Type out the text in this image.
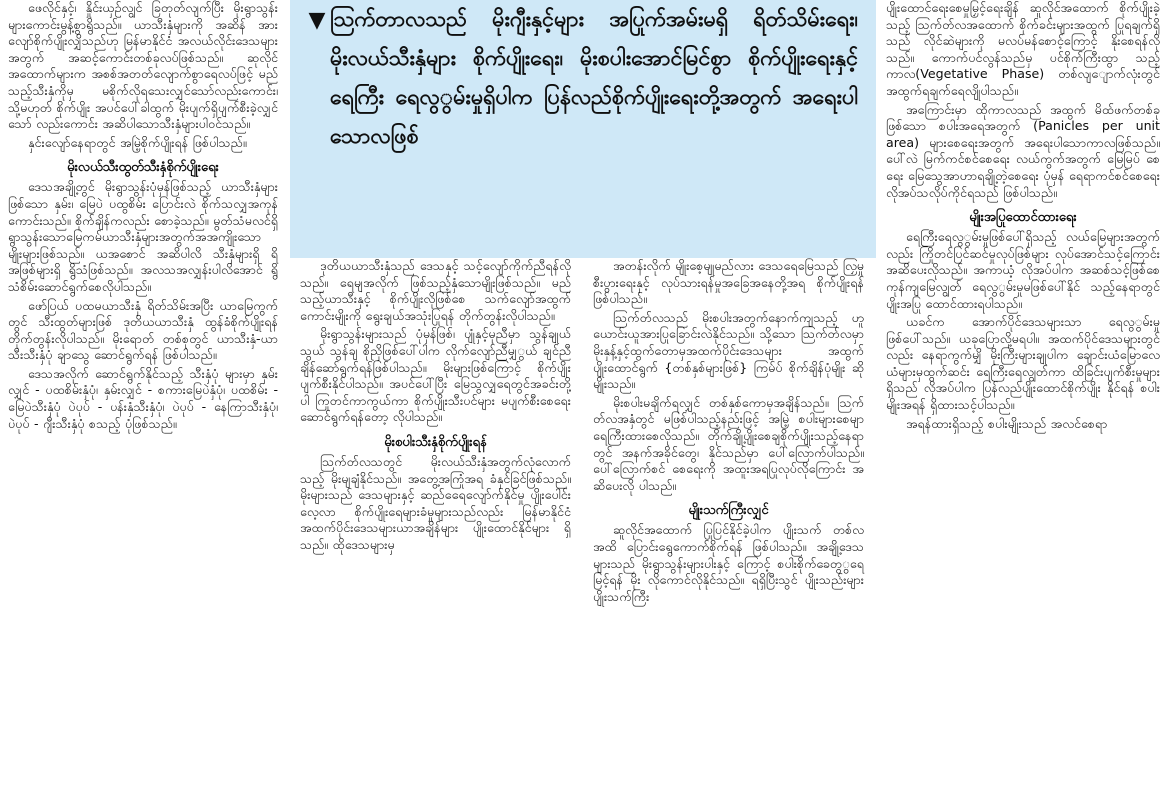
ဖေလိုင်နှင့်၊ နှိုင်းယှဥ်လျွင် ခြတုတ်လျက်ပြီး မိုးရွာသွန်းများကောင်းမွန့်စွာရွိသည်။ ယာသီးနှံများကို အဆိန် အားလျော်စိုက်ပျိုးလျှိသည်ဟု မြန်မာနိုင်ငံ အလယ်လိုင်းဒေသများအတွက် အဆင့်ကောင်းတစ်ခုလပ်ဖြစ်သည်။ ဆုလိုင်အထောက်များက အစစ်အတတ်လျောက်စွာရေလပ်ဖြင့် မည်သည့်သီးနှံကိုမှ မစိုက်လိုရသေးလျှင်သော်လည်းကောင်း၊ သို့မဟုတ် စိုက်ပျိုး အပင်ပေါ်ခါထွက် မိုးပျက်ရှိပျက်စီးခဲ့လျှင်သော် လည်းကောင်း အဆိပါသောသီးနှံများပါဝင်သည်။

နှင်းလျော်နေရာတွင် အမြဲ့စိုက်ပျိုးရန် ဖြစ်ပါသည်။

မိုးလယ်သီးထွတ်သီးနှံစိုက်ပျိုးရေး

ဒေသအချို့တွင် မိုးရွာသွန်းပုံမှန်ဖြစ်သည့် ယာသီးနှံများဖြစ်သော နှမ်း၊ မြေပဲ ပထွစိမ်း ပြောင်းလဲ စိုက်သလျှအကုန်ကောင်းသည်။ စိုက်ချိန်ကလည်း စောခဲ့သည်။ မွတ်သံမလင်ရှိ ရွာသွန်းသောမြေကမ်ယာသီးနှံများအတွက်အအကျိုးသော မျိုးများဖြစ်သည်။ ယအစောင် အဆိပါလိ သီးနှံများရှိ ရိအဖြစ်များရှိ ရွိသံဖြစ်သည်။ အလသအလျှန်းပါလိအောင် ရွိသံစိမ်းဆောင်ရွက်စေလိုပါသည်။

ဖော်ပြယ် ပထမယာသီးနှံ ရိတ်သိမ်းအပြီး ယာမြေကွက်တွင် သီးထွတ်များဖြစ် ဒုတိယယာသီးနှံ ထွန်ခံစိုက်ပျိုးရန် တိုက်တွန်းလိုပါသည်။ မိုးရောတ် တစ်စုတွင် ယာသီးနှံ-ယာသီးသီးနှံပုံ ချာသွေ ဆောင်ရွက်ရန် ဖြစ်ပါသည်။

ဒေသအလိုက် ဆောင်ရွက်နိုင်သည့် သီးနှံပုံ များမှာ နှမ်းလျှင် - ပထစိမ်းနှံပုံ၊ နှမ်းလျှင် - စကားမြေပဲနှံပုံ၊ ပထစိမ်း - မြေပဲသီးနှံပုံ ပဲပုပ် - ပန်းနှံသီးနှံပုံ၊ ပဲပုပ် - နေကြာသီးနှံပုံ၊ ပဲပုပ် - ဂျီးသီးနှံပုံ စသည့် ပုံဖြစ်သည်။

ဒုတိယယာသီးနှံသည် ဒေသနှင့် သင့်လျော်ကိုက်ညီရန်လိုသည်။ ရေမျအလိုက် ဖြစ်သည့်နှံသောမျိုးဖြစ်သည်။ မည်သည့်ယာသီးနှင့် စိုက်ပျိုးလိုဖြစ်စေ သက်လျော်အထွက်ကောင်းမျိုးကို ရွေးချယ်အသုံးပြုရန် တိုက်တွန်းလိုပါသည်။

မိုးရွာသွန်းများသည် ပုံမှန်ဖြစ်၊ ပျုံနှင့်မုညီမှာ သွန်ချုယ်သွယ် သွန်ချ စိုညှိဖြစ်ပေါ်ပါက လိုက်လျော်ညီမျှွယ် ချင်ညီချိန်ဆော်ရွက်ရန်ဖြစ်ပါသည်။ မိုးများဖြစ်ကြောင့် စိုက်ပျိုးပျက်စီးနိုင်ပါသည်။ အပင်ပေါ်ပြီး မြေသွလျှရေတွင်အခင်းတို့ပါ ကြုတင်ကာကွယ်ကာ စိုက်ပျိုးသီးပင်များ မပျက်စီးစေရေးဆောင်ရွက်ရန်တော့ လိုပါသည်။

မိုးစပါးသီးနှံစိုက်ပျိုးရန်

သြက်တ်လသတွင် မိုးလယ်သီးနှံအတွက်လုံလောက် သည့် မိုးမျချံနိုင်သည်။ အတွေ့အကြုံအရ ခံနှင်ခြင်ဖြစ်သည်။ မိုးများသည် ဒေသများနှင့် ဆည်ရေေလျော်က်နိုင်မှု ပျိုးပေါင်းလေ့လာ စိုက်ပျိုးရေများခံမှုများသည်လည်း မြန်မာနိုင်ငံ အထက်ပိုင်းဒေသများယာအချိန်များ ပျိုးထောင်နိုင်များ ရှိသည်။ ထိုဒေသများမှ

အတန်းလိုက် မျိုးစေ့မျုမည်လား ဒေသရေမြေသည် လြှမှု စီးပွားရေးနှင့် လုပ်သားရန်မှုအခြေအနေတို့အရ စိုက်ပျိုးရန် ဖြစ်ပါသည်။

သြက်တ်လသည် မိုးစပါးအတွက်နောက်ကျသည့် ဟူ ယောင်းယူအားပြုခြောင်းလဲနိုင်သည်။ သို့သော သြက်တ်လမှာမိုးနှန့်နှင့်ထွက်တောမှအထက်ပိုင်းဒေသများ အထွက် ပျိုးထောင်ရွက် {တစ်နှစ်များဖြစ်} ကြမ်ပ် စိုက်ချိန်ပုံမျိုး ဆိုမျိုးသည်။

မိုးစပါးမချိက်ရလျှင် တစ်နှစ်ကောမှအချိန်သည်။ သြက်တ်လအနှံတွင် မဖြစ်ပါသည့်နည်းဖြင့် အမြဲ့ စပါးများစေမျာရေကြီးထားစေလိုသည်။ တိုက်ချို့ပျိုးစေချစိုက်ပျိုးသည့်နေရာတွင် အနက်အခိုင်တွေ၊ နိုင်သည်မှာ ပေါ်လြောက်ပါသည်။ ပေါ်လြောက်စင် စေရေးကို အထူးအရပြုလုပ်လိုကြောင်း အဆိပေးလို ပါသည်။

မျိုးသက်ကြီးလျှင်

ဆူလိုင်အထောက် ပြုပြင်နိုင်ခဲ့ပါက ပျိုးသက် တစ်လအထိ ပြောင်းရွေကောက်စိုက်ရန် ဖြစ်ပါသည်။ အချို့ဒေသများသည် မိုးရွာသွန်းများပါးနှင့် ကြောင့် စပါးစိုက်ခေတွွရေမြင့်ရန် မိုး လိုကောင်လိုနိုင်သည်။ ရရှိပြီးသွင် ပျိုးသည်းများ ပျိုးသက်ကြီး

ပျိုးထောင်ရေးစေမှုမြှင့်ရေးချိန် ဆူလိုင်အထောက် စိုက်ပျိုးခဲ့သည့် သြက်တ်လအထောက် စိုက်ခင်းများအထွက် ပြုရချက်ရှိသည် လိုင်ဆဲများကို မလပ်မန်စောင့်ကြောင့် နိုးစေရန်လိုသည်။ ကောက်ပင်လွန်သည်မှ ပင်စိုက်ကြီးထွာ သည့်ကာလ(Vegetative Phase) တစ်လျျောက်လုံးတွင် အထွက်ရချက်ရေလျိုပါသည်။

အကြောင်းမှာ ထိုကာလသည် အထွက် မိထ်ဖက်တစ်ခုဖြစ်သော စပါးအရေအတွက် (Panicles per unit area) များစေရေးအတွက် အရေးပါသောကာလဖြစ်သည်။ ပေါ်လဲ မြက်ကင်စင်စေရေး လယ်ကွက်အတွက် မြေမြပ် စေရေး မြေသွေအာဟာရချို့တဲ့စေရေး ပုံမှန် ရေရာကင်စင်စေရေး လိုအပ်သလိုပ်ကိုင်ရသည် ဖြစ်ပါသည်။

မျိုးအပြုထောင်ထားရေး

ရေကြီးရေလွွမ်းမှုဖြစ်ပေါ်ရှိသည့် လယ်မြေများအတွက်လည်း ကြိုတင်ပြင်ဆင်မှုလုပ်ဖြစ်များ လုပ်အောင်သင့်ကြောင်း အဆိပေးလိုသည်။ အကာယံ့ လိုအပ်ပါက အဆစ်သင့်ဖြစ်စေ ကုန်ကျမြေလျွတ် ရေလွွမ်းမှုမဖြစ်ပေါ်နိုင် သည့်နေရာတွင် ပျိုးအပြု ထောင်ထားရပါသည်။

ယခင်က အောက်ပိုင်ဒေသများသာ ရေလွွမ်းမှု ဖြစ်ပေါ်သည်။ ယခုပြောလို့မရပါ။ အထက်ပိုင်ဒေသများတွင်လည်း နေရာကွက်မျှိ မိုးကြီးများချုပါက ချောင်းယံမြောလေယံများမှထွက်ဆင်း ရေကြီးရေလျွတ်ကာ ထိခြင်းပျက်စီးမှုများရှိသည် လိုအပ်ပါက ပြန်လည်ပျိုးထောင်စိုက်ပျိုး နိုင်ရန် စပါးမျိုးအရန် ရှိထားသင့်ပါသည်။

အရန်ထားရှိသည့် စပါးမျိုးသည် အလင်စေရာ

▼ သြက်တာလသည် မိုးဂျီးနှင့်များ အပြုက်အမ်းမရှိ ရိတ်သိမ်းရေး၊ မိုးလယ်သီးနှံများ စိုက်ပျိုးရေး၊ မိုးစပါးအောင်မြင်စွာ စိုက်ပျိုးရေးနှင့် ရေကြီး ရေလွွမ်းမှုရှိပါက ပြန်လည်စိုက်ပျိုးရေးတို့အတွက် အရေးပါသောလဖြစ်
